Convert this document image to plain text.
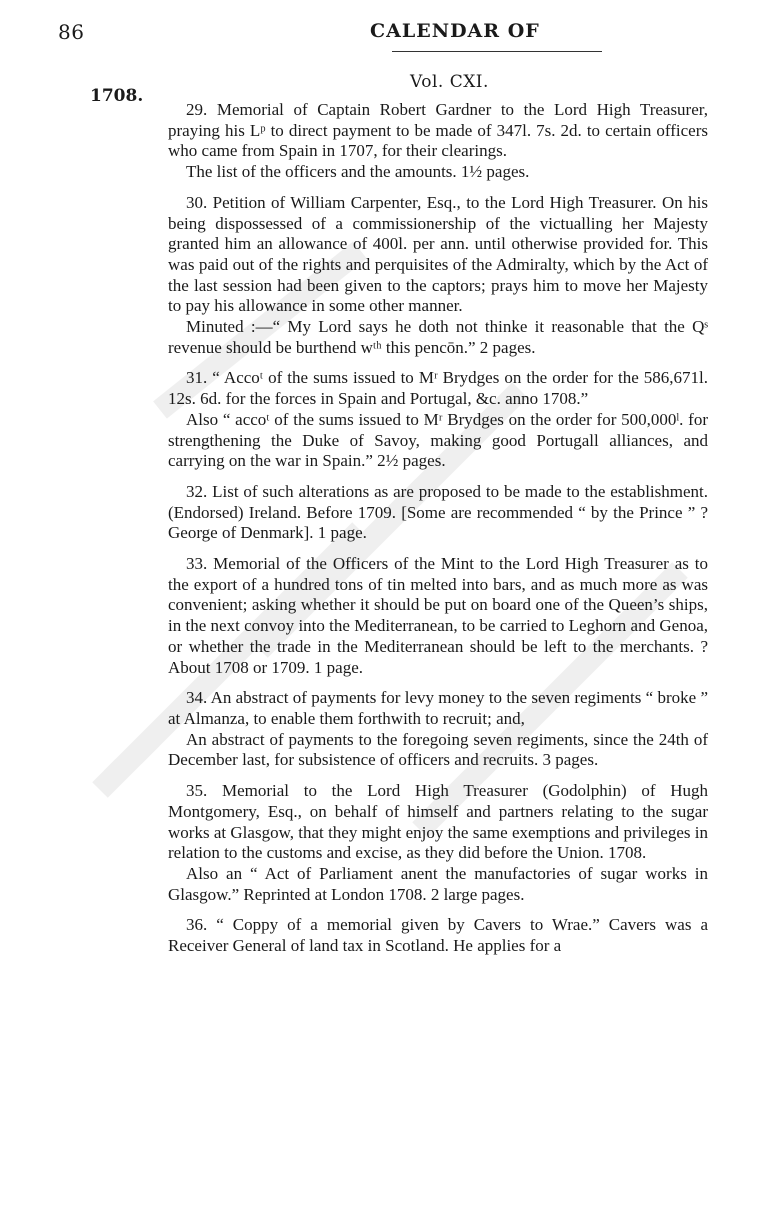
86	CALENDAR OF
1708.
Vol. CXI.

29. Memorial of Captain Robert Gardner to the Lord High Treasurer, praying his Lᵖ to direct payment to be made of 347l. 7s. 2d. to certain officers who came from Spain in 1707, for their clearings.

The list of the officers and the amounts. 1½ pages.

30. Petition of William Carpenter, Esq., to the Lord High Treasurer. On his being dispossessed of a commissionership of the victualling her Majesty granted him an allowance of 400l. per ann. until otherwise provided for. This was paid out of the rights and perquisites of the Admiralty, which by the Act of the last session had been given to the captors; prays him to move her Majesty to pay his allowance in some other manner.

Minuted :—“ My Lord says he doth not thinke it reasonable that the Qˢ revenue should be burthend wᵗʰ this pencōn.” 2 pages.

31. “ Accoᵗ of the sums issued to Mʳ Brydges on the order for the 586,671l. 12s. 6d. for the forces in Spain and Portugal, &c. anno 1708.”

Also “ accoᵗ of the sums issued to Mʳ Brydges on the order for 500,000ˡ. for strengthening the Duke of Savoy, making good Portugall alliances, and carrying on the war in Spain.” 2½ pages.

32. List of such alterations as are proposed to be made to the establishment. (Endorsed) Ireland. Before 1709. [Some are recommended “ by the Prince ” ? George of Denmark]. 1 page.

33. Memorial of the Officers of the Mint to the Lord High Treasurer as to the export of a hundred tons of tin melted into bars, and as much more as was convenient; asking whether it should be put on board one of the Queen’s ships, in the next convoy into the Mediterranean, to be carried to Leghorn and Genoa, or whether the trade in the Mediterranean should be left to the merchants. ? About 1708 or 1709. 1 page.

34. An abstract of payments for levy money to the seven regiments “ broke ” at Almanza, to enable them forthwith to recruit; and,

An abstract of payments to the foregoing seven regiments, since the 24th of December last, for subsistence of officers and recruits. 3 pages.

35. Memorial to the Lord High Treasurer (Godolphin) of Hugh Montgomery, Esq., on behalf of himself and partners relating to the sugar works at Glasgow, that they might enjoy the same exemptions and privileges in relation to the customs and excise, as they did before the Union. 1708.

Also an “ Act of Parliament anent the manufactories of sugar works in Glasgow.” Reprinted at London 1708. 2 large pages.

36. “ Coppy of a memorial given by Cavers to Wrae.” Cavers was a Receiver General of land tax in Scotland. He applies for a
